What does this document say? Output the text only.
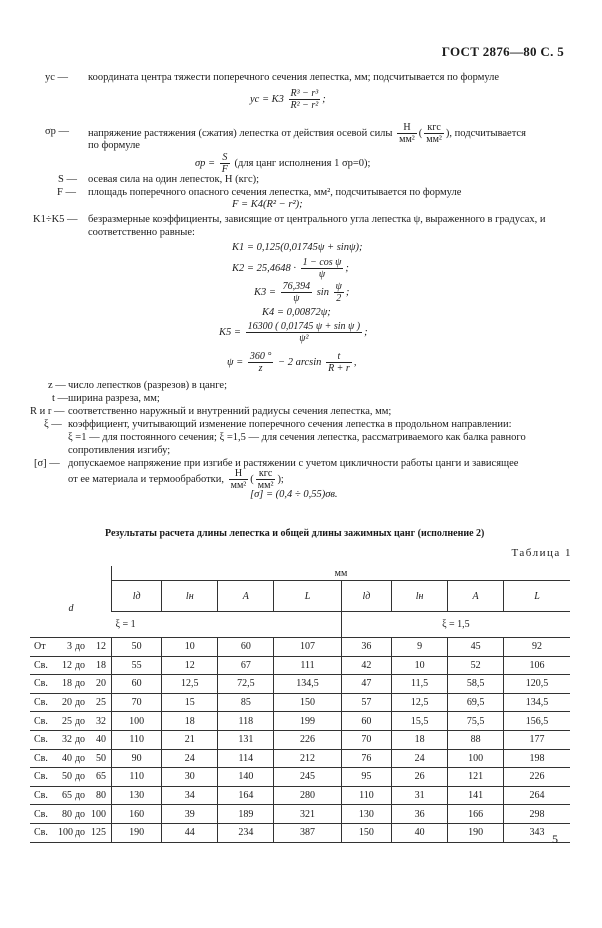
ГОСТ 2876—80 С. 5
yc — координата центра тяжести поперечного сечения лепестка, мм; подсчитывается по формуле
yc = $K3 \frac{\text{R³ − r³}}{\text{R² − r²}}$ ;
σр — напряжение растяжения (сжатия) лепестка от действия осевой силы $\frac{H}{\text{мм²}}$ ( $\frac{\text{кгс}}{\text{мм²}}$ ), подсчитывается
по формуле
$\sigma р = \frac{S}{F} (для$ цанг исполнения 1 σр=0);
S — осевая сила на один лепесток, Н (кгс);
F — площадь поперечного опасного сечения лепестка, мм², подсчитывается по формуле
F = K4(R² − r²);
K1÷K5 — безразмерные коэффициенты, зависящие от центрального угла лепестка ψ, выраженного в градусах, и
соответственно равные:
K1 = 0,125(0,01745ψ + sinψ);
$K2 = 25,4648 \cdot \frac{\text{1 − cos ψ}}{\psi}$ ;
$K3 = \frac{76,394}{\psi}$ $\sin \frac{\psi}{2}$ ;
K4 = 0,00872ψ;
$K5 = \frac{\text{16300 ( 0,01745 ψ + sin ψ )}}{\text{ψ²}}$ ;
$\psi = \frac{360 ^\circ}{z} - 2$ $\arcsin \frac{t}{R + r}$ ,
z — число лепестков (разрезов) в цанге;
t — ширина разреза, мм;
R и r — соответственно наружный и внутренний радиусы сечения лепестка, мм;
ξ — коэффициент, учитывающий изменение поперечного сечения лепестка в продольном направлении:
ξ =1 — для постоянного сечения; ξ =1,5 — для сечения лепестка, рассматриваемого как балка равного
сопротивления изгибу;
[σ] — допускаемое напряжение при изгибе и растяжении с учетом цикличности работы цанги и зависящее
от ее материала и термообработки, $\frac{H}{\text{мм²}}$ ( $\frac{\text{кгс}}{\text{мм²}}$ );
[σ] = (0,4 ÷ 0,55)σв.
Результаты расчета длины лепестка и общей длины зажимных цанг (исполнение 2)
Таблица 1
	мм							
d	lд	lн	A	L	lд	lн	A	L
	ξ = 1				ξ = 1,5			
От 3 до 12	50	10	60	107	36	9	45	92
Св. 12 до 18	55	12	67	111	42	10	52	106
Св. 18 до 20	60	12,5	72,5	134,5	47	11,5	58,5	120,5
Св. 20 до 25	70	15	85	150	57	12,5	69,5	134,5
Св. 25 до 32	100	18	118	199	60	15,5	75,5	156,5
Св. 32 до 40	110	21	131	226	70	18	88	177
Св. 40 до 50	90	24	114	212	76	24	100	198
Св. 50 до 65	110	30	140	245	95	26	121	226
Св. 65 до 80	130	34	164	280	110	31	141	264
Св. 80 до 100	160	39	189	321	130	36	166	298
Св. 100 до 125	190	44	234	387	150	40	190	343 5
